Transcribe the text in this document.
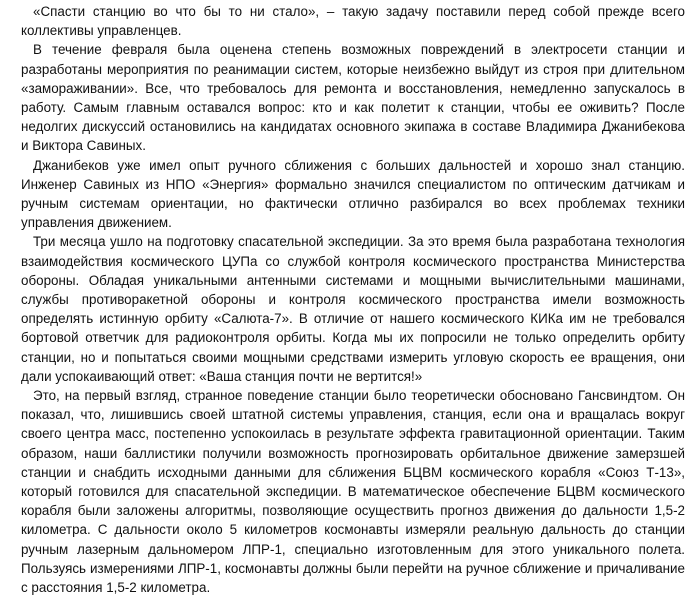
«Спасти станцию во что бы то ни стало», – такую задачу поставили перед собой прежде всего коллективы управленцев.

В течение февраля была оценена степень возможных повреждений в электросети станции и разработаны мероприятия по реанимации систем, которые неизбежно выйдут из строя при длительном «замораживании». Все, что требовалось для ремонта и восстановления, немедленно запускалось в работу. Самым главным оставался вопрос: кто и как полетит к станции, чтобы ее оживить? После недолгих дискуссий остановились на кандидатах основного экипажа в составе Владимира Джанибекова и Виктора Савиных.

Джанибеков уже имел опыт ручного сближения с больших дальностей и хорошо знал станцию. Инженер Савиных из НПО «Энергия» формально значился специалистом по оптическим датчикам и ручным системам ориентации, но фактически отлично разбирался во всех проблемах техники управления движением.

Три месяца ушло на подготовку спасательной экспедиции. За это время была разработана технология взаимодействия космического ЦУПа со службой контроля космического пространства Министерства обороны. Обладая уникальными антенными системами и мощными вычислительными машинами, службы противоракетной обороны и контроля космического пространства имели возможность определять истинную орбиту «Салюта-7». В отличие от нашего космического КИКа им не требовался бортовой ответчик для радиоконтроля орбиты. Когда мы их попросили не только определить орбиту станции, но и попытаться своими мощными средствами измерить угловую скорость ее вращения, они дали успокаивающий ответ: «Ваша станция почти не вертится!»

Это, на первый взгляд, странное поведение станции было теоретически обосновано Гансвиндтом. Он показал, что, лишившись своей штатной системы управления, станция, если она и вращалась вокруг своего центра масс, постепенно успокоилась в результате эффекта гравитационной ориентации. Таким образом, наши баллистики получили возможность прогнозировать орбитальное движение замерзшей станции и снабдить исходными данными для сближения БЦВМ космического корабля «Союз Т-13», который готовился для спасательной экспедиции. В математическое обеспечение БЦВМ космического корабля были заложены алгоритмы, позволяющие осуществить прогноз движения до дальности 1,5-2 километра. С дальности около 5 километров космонавты измеряли реальную дальность до станции ручным лазерным дальномером ЛПР-1, специально изготовленным для этого уникального полета. Пользуясь измерениями ЛПР-1, космонавты должны были перейти на ручное сближение и причаливание с расстояния 1,5-2 километра.
